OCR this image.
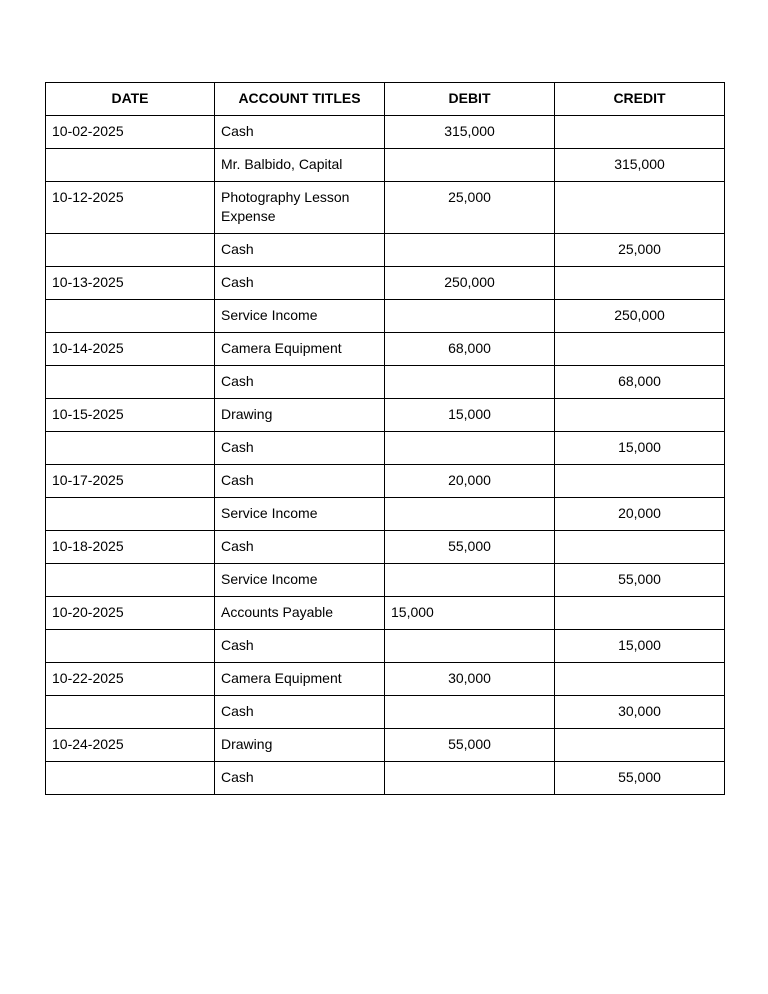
DATE	ACCOUNT TITLES	DEBIT	CREDIT
10-02-2025	Cash	315,000	
	Mr. Balbido, Capital		315,000
10-12-2025	Photography Lesson Expense	25,000	
	Cash		25,000
10-13-2025	Cash	250,000	
	Service Income		250,000
10-14-2025	Camera Equipment	68,000	
	Cash		68,000
10-15-2025	Drawing	15,000	
	Cash		15,000
10-17-2025	Cash	20,000	
	Service Income		20,000
10-18-2025	Cash	55,000	
	Service Income		55,000
10-20-2025	Accounts Payable	15,000	
	Cash		15,000
10-22-2025	Camera Equipment	30,000	
	Cash		30,000
10-24-2025	Drawing	55,000	
	Cash		55,000
